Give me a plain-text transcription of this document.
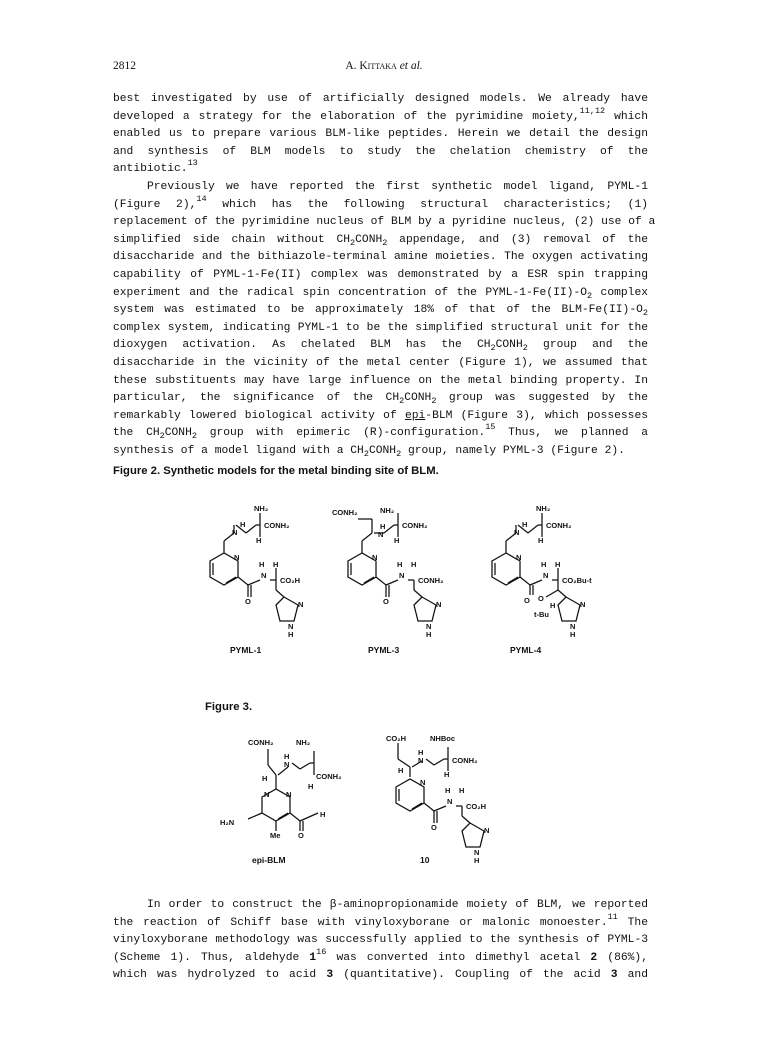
2812	A. Kittaka et al.
best investigated by use of artificially designed models. We already have
developed a strategy for the elaboration of the pyrimidine moiety,$^{11,12}$ which
enabled us to prepare various BLM-like peptides. Herein we detail the design
and synthesis of BLM models to study the chelation chemistry of the
antibiotic.$^{13}$
Previously we have reported the first synthetic model ligand, PYML-1
(Figure 2),$^{14}$ which has the following structural characteristics; (1)
replacement of the pyrimidine nucleus of BLM by a pyridine nucleus, (2) use of a
simplified side chain without $CH_2CONH_2$ appendage, and (3) removal of the
disaccharide and the bithiazole-terminal amine moieties. The oxygen activating
capability of PYML-1-Fe(II) complex was demonstrated by a ESR spin trapping
experiment and the radical spin concentration of the PYML-$1-Fe(II)-O_2$ complex
system was estimated to be approximately 18% of that of the BLM-$Fe(II)-O_2$
complex system, indicating PYML-1 to be the simplified structural unit for the
dioxygen activation. As chelated BLM has the $CH_2CONH_2$ group and the
disaccharide in the vicinity of the metal center (Figure 1), we assumed that
these substituents may have large influence on the metal binding property. In
particular, the significance of the $CH_2CONH_2$ group was suggested by the
remarkably lowered biological activity of epi-BLM (Figure 3), which possesses
the $CH_2CONH_2$ group with epimeric (R)-configuration.$^{15}$ Thus, we planned a
synthesis of a model ligand with a $CH_2CONH_2$ group, namely PYML-3 (Figure 2).
Figure 2. Synthetic models for the metal binding site of BLM.
H
N
NH₂
CONH₂
H
N
N
H H
CO₂H
O	N
N
H
PYML-1
CONH₂	NH₂
H
N
CONH₂
H
N
N
H H
CONH₂
O	N
N
H
PYML-3
H
N
NH₂
CONH₂
H
N
N
H H
CO₂Bu-t
O O
H
t-Bu
N
N
H
PYML-4
Figure 3.
CONH₂	NH₂
H
N
CONH₂
H
H
N N
H₂N
Me O
H
epi-BLM
CO₂H	NHBoc
H
N	CONH₂
H
H
N
N
H H
CO₂H
O	N
N
H
10
In order to construct the β-aminopropionamide moiety of BLM, we reported
the reaction of Schiff base with vinyloxyborane or malonic monoester.$^{11}$ The
vinyloxyborane methodology was successfully applied to the synthesis of PYML-3
(Scheme 1). Thus, aldehyde $1^{16}$ was converted into dimethyl acetal 2 (86%),
which was hydrolyzed to acid 3 (quantitative). Coupling of the acid 3 and
